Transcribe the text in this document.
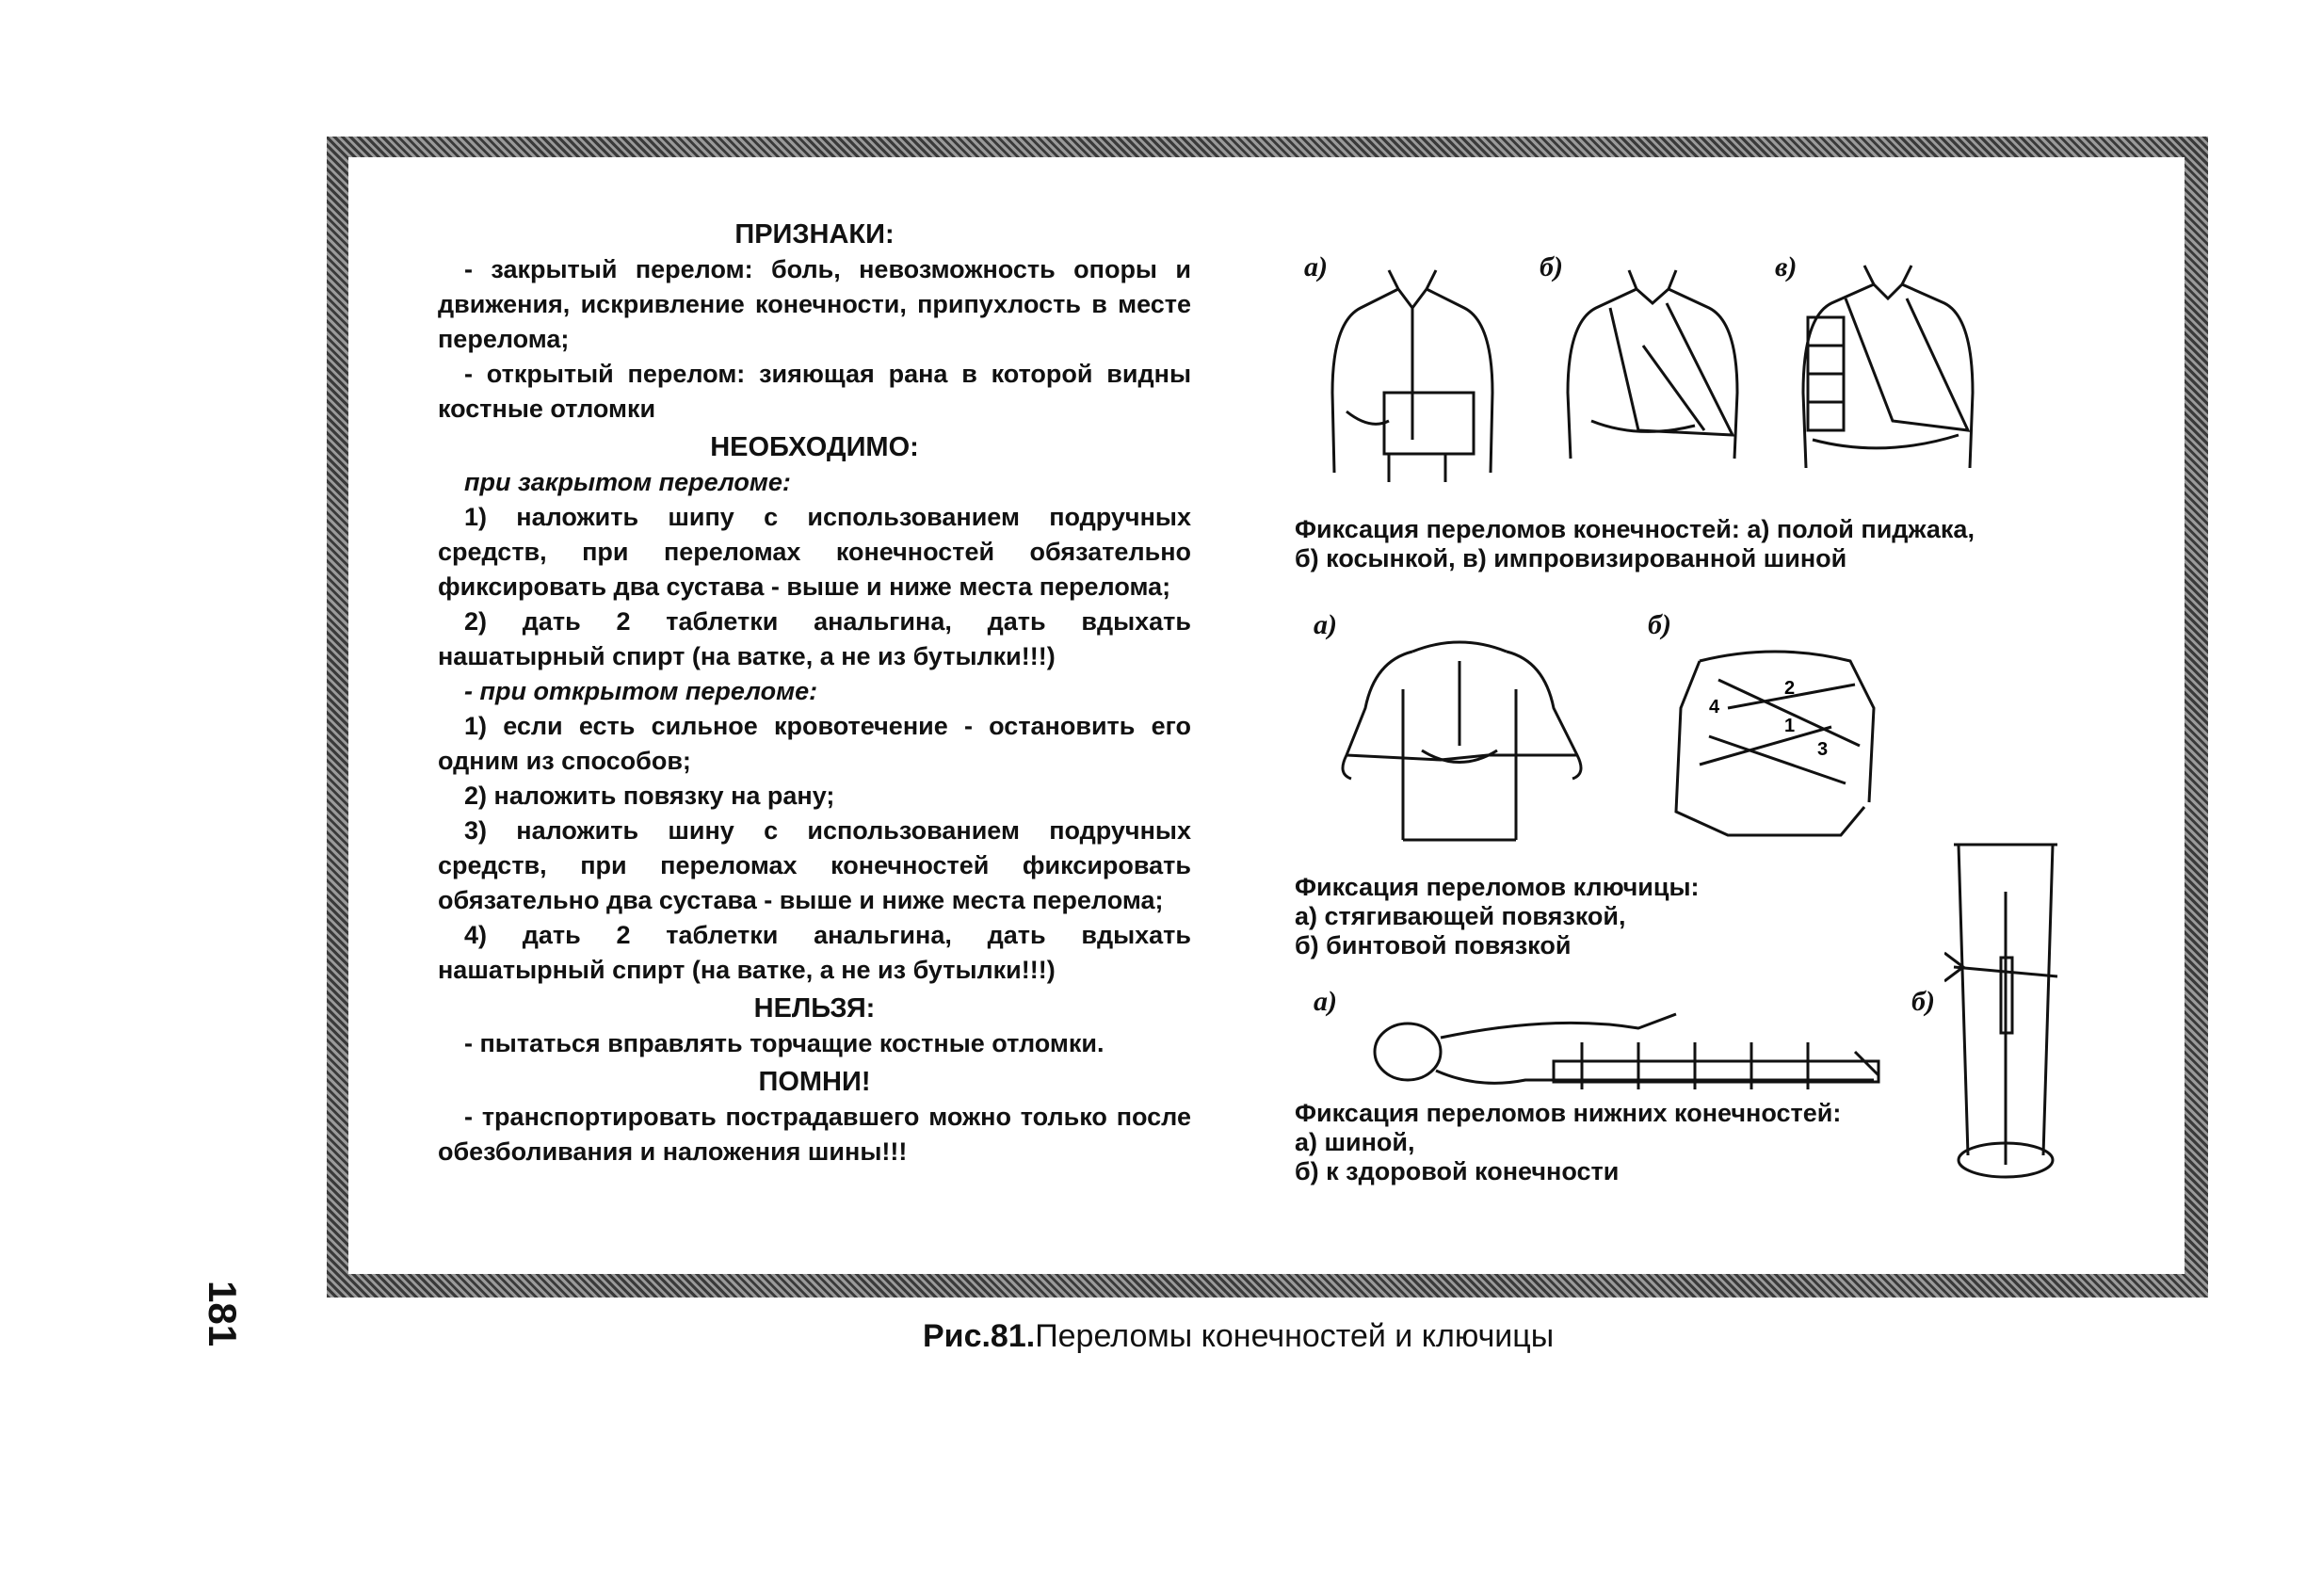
ПРИЗНАКИ:

- закрытый перелом: боль, невозможность опоры и движения, искривление конечности, припухлость в месте перелома;

- открытый перелом: зияющая рана в которой видны костные отломки

НЕОБХОДИМО:

при закрытом переломе:

1) наложить шипу с использованием подручных средств, при переломах конечностей обязательно фиксировать два сустава - выше и ниже места перелома;

2) дать 2 таблетки анальгина, дать вдыхать нашатырный спирт (на ватке, а не из бутылки!!!)

- при открытом переломе:

1) если есть сильное кровотечение - остановить его одним из способов;

2) наложить повязку на рану;

3) наложить шину с использованием подручных средств, при переломах конечностей фиксировать обязательно два сустава - выше и ниже места перелома;

4) дать 2 таблетки анальгина, дать вдыхать нашатырный спирт (на ватке, а не из бутылки!!!)

НЕЛЬЗЯ:

- пытаться вправлять торчащие костные отломки.

ПОМНИ!

- транспортировать пострадавшего можно только после обезболивания и наложения шины!!!

а)	б)	в)
Фиксация переломов конечностей: а) полой пиджака,
б) косынкой, в) импровизированной шиной
а)	б)
2
1
3
4
Фиксация переломов ключицы:
а) стягивающей повязкой,
б) бинтовой повязкой
а)	б)
Фиксация переломов нижних конечностей:
а) шиной,
б) к здоровой конечности
181	Рис.81.Переломы конечностей и ключицы
